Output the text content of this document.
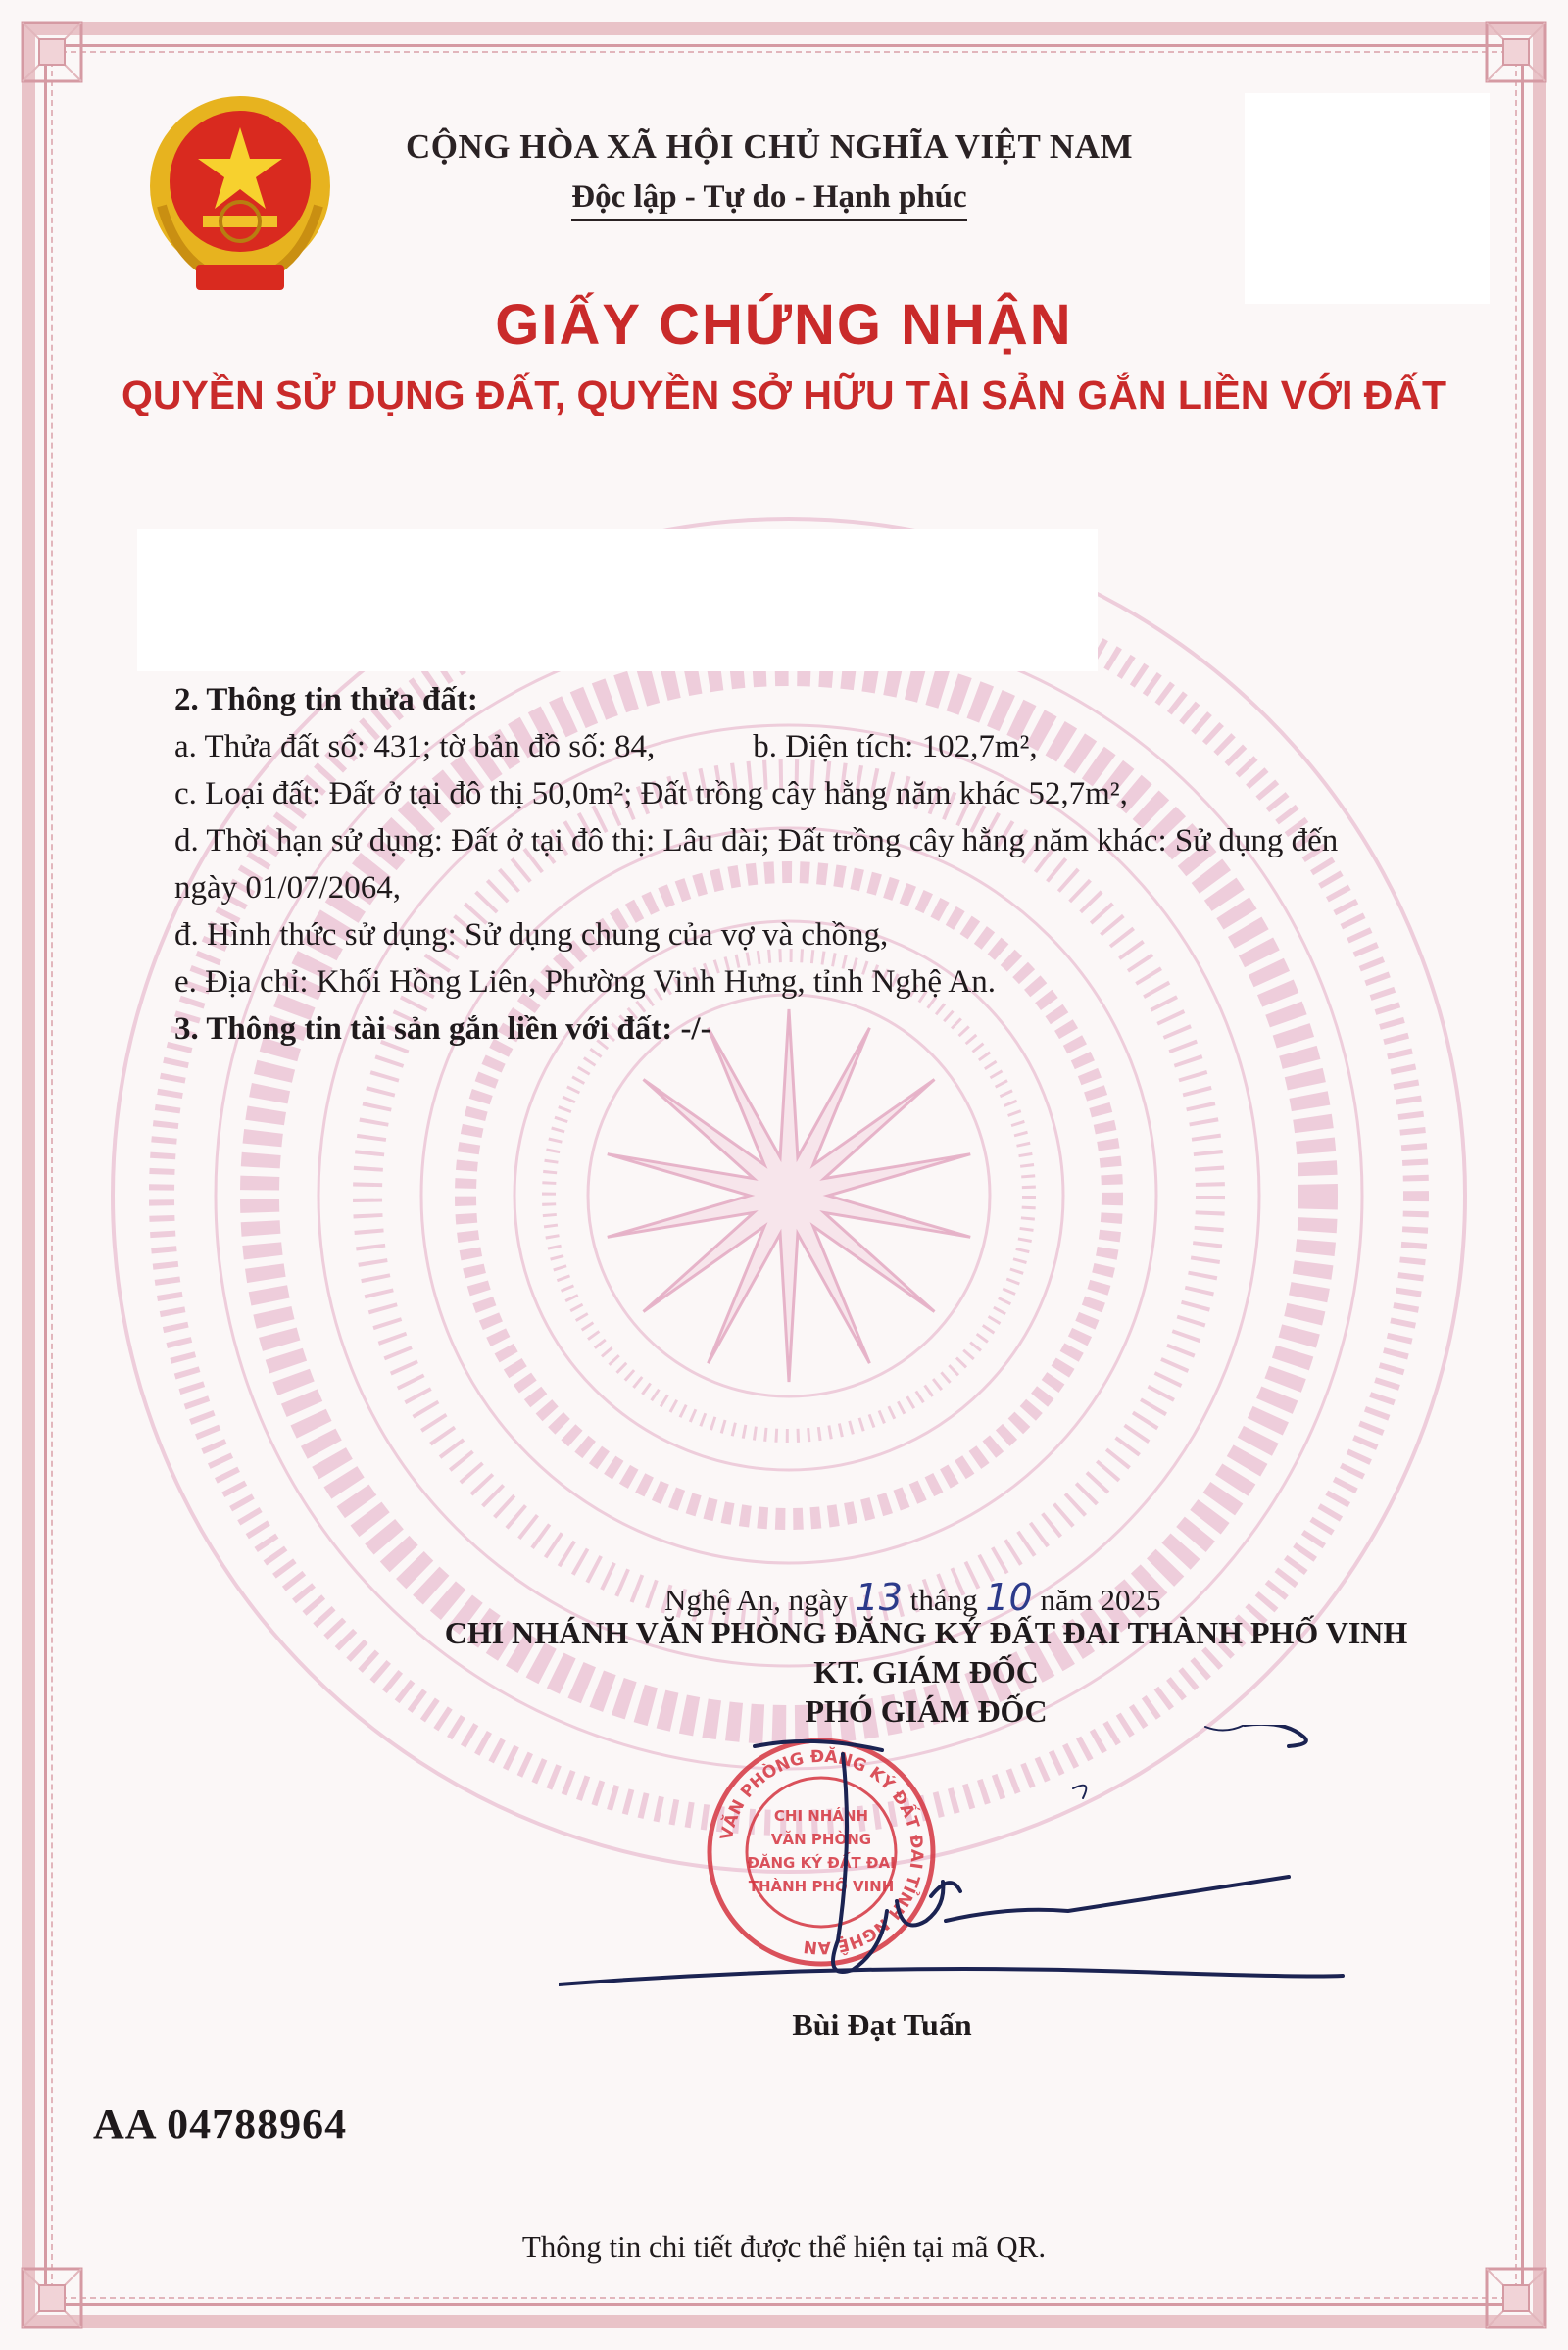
CỘNG HÒA XÃ HỘI CHỦ NGHĨA VIỆT NAM
Độc lập - Tự do - Hạnh phúc
GIẤY CHỨNG NHẬN
QUYỀN SỬ DỤNG ĐẤT, QUYỀN SỞ HỮU TÀI SẢN GẮN LIỀN VỚI ĐẤT
2. Thông tin thửa đất:
a. Thửa đất số: 431; tờ bản đồ số: 84,	b. Diện tích: 102,7m²,
c. Loại đất: Đất ở tại đô thị 50,0m²; Đất trồng cây hằng năm khác 52,7m²,
d. Thời hạn sử dụng: Đất ở tại đô thị: Lâu dài; Đất trồng cây hằng năm khác: Sử dụng đến
ngày 01/07/2064,
đ. Hình thức sử dụng: Sử dụng chung của vợ và chồng,
e. Địa chỉ: Khối Hồng Liên, Phường Vinh Hưng, tỉnh Nghệ An.
3. Thông tin tài sản gắn liền với đất: -/-
Nghệ An, ngày 13 tháng 10 năm 2025
CHI NHÁNH VĂN PHÒNG ĐĂNG KÝ ĐẤT ĐAI THÀNH PHỐ VINH
KT. GIÁM ĐỐC
PHÓ GIÁM ĐỐC
VĂN PHÒNG ĐĂNG KÝ ĐẤT ĐAI TỈNH NGHỆ AN
CHI NHÁNH
VĂN PHÒNG
ĐĂNG KÝ ĐẤT ĐAI
THÀNH PHỐ VINH
Bùi Đạt Tuấn
AA 04788964
Thông tin chi tiết được thể hiện tại mã QR.
